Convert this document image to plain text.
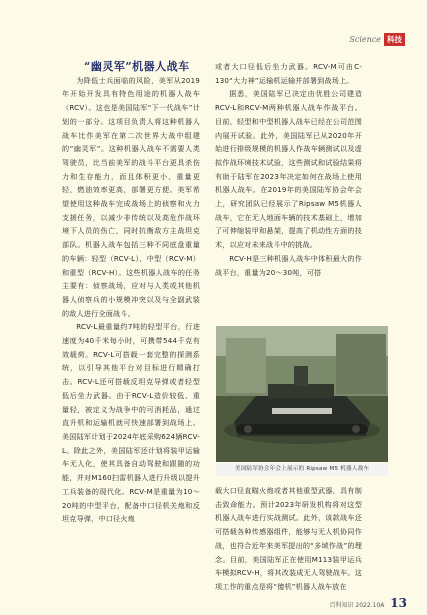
Science 科技

“幽灵军”机器人战车

为降低士兵面临的风险，美军从2019年开始开发具有特色用途的机器人战车（RCV）。这也是美国陆军“下一代战车”计划的一部分。这项目负责人将这种机器人战车比作美军在第二次世界大战中组建的“幽灵军”。这种机器人战车不需要人类驾驶员，比当前美军的战斗平台更具杀伤力和生存能力，而且体积更小、重量更轻，燃油效率更高，部署更方便。美军希望使用这种战车完成战场上的侦察和火力支援任务，以减少非传统以及高危作战环境下人员的伤亡，同时抗衡敌方主战坦克部队。机器人战车包括三种不同底盘重量的车辆：轻型（RCV-L）、中型（RCV-M）和重型（RCV-H）。这些机器人战车的任务主要有：侦察战场，应对与人类或其他机器人侦察兵的小规模冲突以及与全副武装的敌人进行全面战斗。

RCV-L最重量约7吨的轻型平台，行进速度为40千米每小时，可携带544千克有效载荷。RCV-L可搭载一套完整的探测系统，以引导其他平台对目标进行精确打击。RCV-L还可搭载反坦克导弹或者轻型低后坐力武器。由于RCV-L造价较低、重量轻，被定义为战争中的可消耗品，通过直升机和运输机就可快速部署到战场上。美国陆军计划于2024年底采购624辆RCV-L。除此之外，美国陆军还计划将装甲运输车无人化，使其具备自动驾驶和跟随的功能，并对M160扫雷机器人进行升级以提升工兵装备的现代化。RCV-M是重量为10～20吨的中型平台，配备中口径机关炮和反坦克导弹，中口径火炮

或者大口径低后坐力武器。RCV-M可由C-130“大力神”运输机运输并部署到战场上。

据悉，美国陆军已决定由优胜公司建造RCV-L和RCV-M两种机器人战车作战平台。目前，轻型和中型机器人战车已经在公司范围内展开试验。此外，美国陆军已从2020年开始进行排级规模的机器人作战车辆测试以及虚拟作战环境技术试验，这些测试和试验结果将有助于陆军在2023年决定如何在战场上使用机器人战车。在2019年的美国陆军协会年会上，研究团队已经展示了Ripsaw M5机器人战车，它在无人地面车辆的技术基础上，增加了可伸缩装甲和悬架，提高了机动性方面的技术，以应对未来战斗中的挑战。

RCV-H是三种机器人战车中体积最大的作战平台，重量为20～30吨，可搭

美国陆军协会年会上展示的 Ripsaw M5 机器人战车

载大口径直瞄火炮或者其他重型武器，具有制击致命能力。预计2023年研发机构将对这型机器人战车进行实战测试。此外，该款战车还可搭载各种传感器组件，能够与无人机协同作战，也符合近年来美军提出的“多域作战”的理念。目前，美国陆军正在使用M113装甲运兵车模拟RCV-H，将其改装成无人驾驶战车。这项工作的重点是将“傻机”机器人战车放在

百科知识 2022.10A 13
